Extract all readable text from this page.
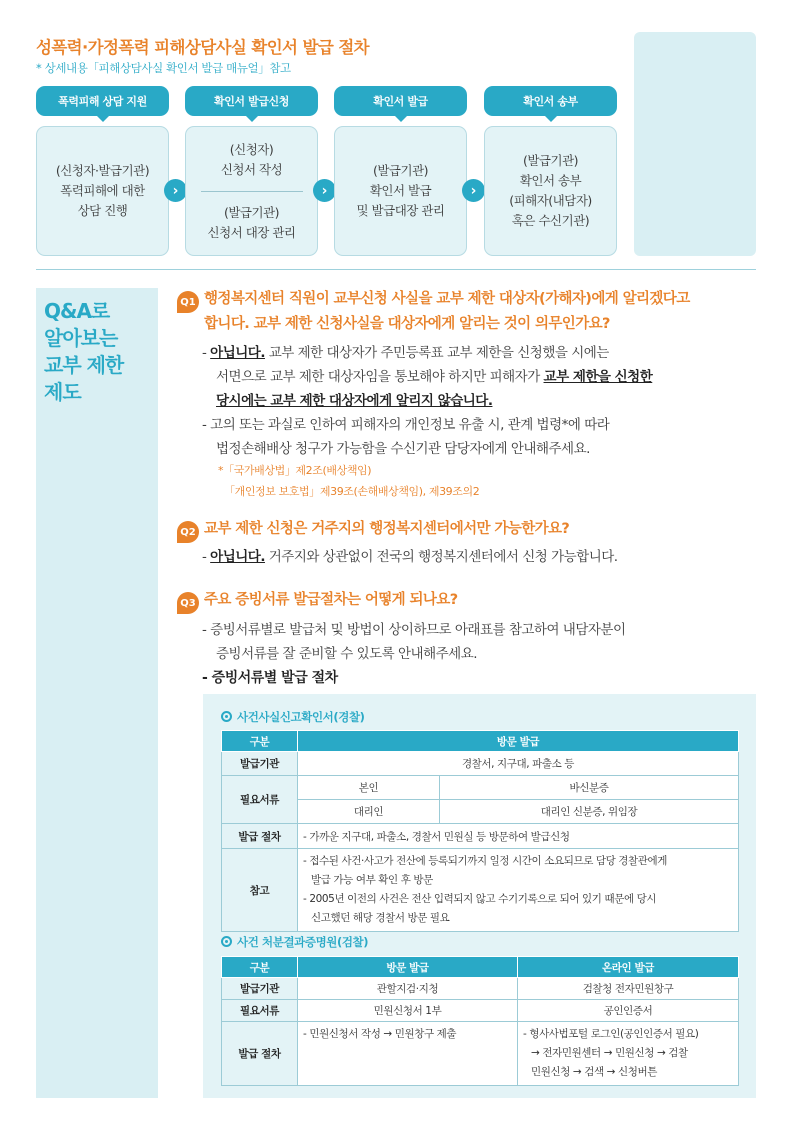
성폭력·가정폭력 피해상담사실 확인서 발급 절차
* 상세내용「피해상담사실 확인서 발급 매뉴얼」참고
폭력피해 상담 지원
(신청자·발급기관)
폭력피해에 대한
상담 진행
›
확인서 발급신청
(신청자)
신청서 작성
(발급기관)
신청서 대장 관리
›
확인서 발급
(발급기관)
확인서 발급
및 발급대장 관리
›
확인서 송부
(발급기관)
확인서 송부
(피해자(내담자)
혹은 수신기관)
Q&A로
알아보는
교부 제한
제도
Q1 행정복지센터 직원이 교부신청 사실을 교부 제한 대상자(가해자)에게 알리겠다고
합니다. 교부 제한 신청사실을 대상자에게 알리는 것이 의무인가요?
- 아닙니다. 교부 제한 대상자가 주민등록표 교부 제한을 신청했을 시에는
서면으로 교부 제한 대상자임을 통보해야 하지만 피해자가 교부 제한을 신청한
당시에는 교부 제한 대상자에게 알리지 않습니다.
- 고의 또는 과실로 인하여 피해자의 개인정보 유출 시, 관계 법령*에 따라
법정손해배상 청구가 가능함을 수신기관 담당자에게 안내해주세요.
*「국가배상법」제2조(배상책임)
「개인정보 보호법」제39조(손해배상책임), 제39조의2
Q2 교부 제한 신청은 거주지의 행정복지센터에서만 가능한가요?
- 아닙니다. 거주지와 상관없이 전국의 행정복지센터에서 신청 가능합니다.
Q3 주요 증빙서류 발급절차는 어떻게 되나요?
- 증빙서류별로 발급처 및 방법이 상이하므로 아래표를 참고하여 내담자분이
증빙서류를 잘 준비할 수 있도록 안내해주세요.
- 증빙서류별 발급 절차
사건사실신고확인서(경찰)
구분	방문 발급	
발급기관	경찰서, 지구대, 파출소 등	
필요서류	본인	바신분증
	대리인	대리인 신분증, 위임장
발급 절차	- 가까운 지구대, 파출소, 경찰서 민원실 등 방문하여 발급신청	
참고	- 접수된 사건·사고가 전산에 등록되기까지 일정 시간이 소요되므로 담당 경찰관에게
발급 가능 여부 확인 후 방문
- 2005년 이전의 사건은 전산 입력되지 않고 수기기록으로 되어 있기 때문에 당시
신고했던 해당 경찰서 방문 필요	
사건 처분결과증명원(검찰)
구분	방문 발급	온라인 발급
발급기관	관할지검·지청	검찰청 전자민원창구
필요서류	민원신청서 1부	공인인증서
발급 절차	- 민원신청서 작성 → 민원창구 제출	- 형사사법포털 로그인(공인인증서 필요)
→ 전자민원센터 → 민원신청 → 검찰
민원신청 → 검색 → 신청버튼
